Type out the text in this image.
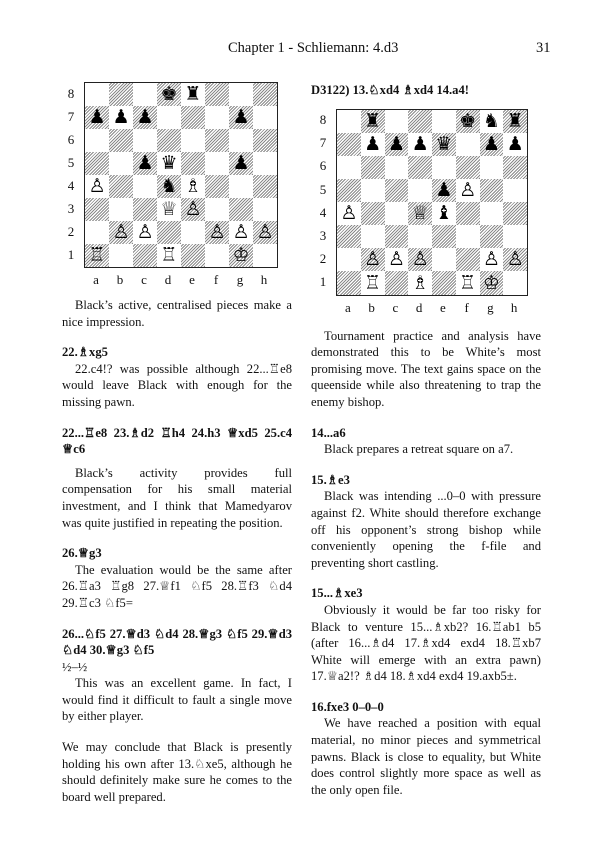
Chapter 1 - Schliemann: 4.d3	31
8
7
6
5
4
3
2
1
♚ ♜
♟ ♟ ♟	♟
♟ ♛	♟
♙	♞ ♗
♕ ♙
♙ ♙	♙ ♙ ♙
♖	♖	♔
a	b	c	d	e	f	g	h

Black’s active, centralised pieces make a nice impression.

22.♗xg5

22.c4!? was possible although 22...♖e8 would leave Black with enough for the missing pawn.

22...♖e8 23.♗d2 ♖h4 24.h3 ♕xd5 25.c4 ♕c6

Black’s activity provides full compensation for his small material investment, and I think that Mamedyarov was quite justified in repeating the position.

26.♕g3

The evaluation would be the same after 26.♖a3 ♖g8 27.♕f1 ♘f5 28.♖f3 ♘d4 29.♖c3 ♘f5=

26...♘f5 27.♕d3 ♘d4 28.♕g3 ♘f5 29.♕d3 ♘d4 30.♕g3 ♘f5

½–½

This was an excellent game. In fact, I would find it difficult to fault a single move by either player.

We may conclude that Black is presently holding his own after 13.♘xe5, although he should definitely make sure he comes to the board well prepared.

D3122) 13.♘xd4 ♗xd4 14.a4!

8
7
6
5
4
3
2
1
♜	♚ ♞ ♜
♟ ♟ ♟ ♛ ♟ ♟
♟ ♙
♙	♕ ♝
♙ ♙ ♙	♙ ♙
♖ ♗ ♖ ♔
a	b	c	d	e	f	g	h

Tournament practice and analysis have demonstrated this to be White’s most promising move. The text gains space on the queenside while also threatening to trap the enemy bishop.

14...a6

Black prepares a retreat square on a7.

15.♗e3

Black was intending ...0–0 with pressure against f2. White should therefore exchange off his opponent’s strong bishop while conveniently opening the f-file and preventing short castling.

15...♗xe3

Obviously it would be far too risky for Black to venture 15...♗xb2? 16.♖ab1 b5 (after 16...♗d4 17.♗xd4 exd4 18.♖xb7 White will emerge with an extra pawn) 17.♕a2!? ♗d4 18.♗xd4 exd4 19.axb5±.

16.fxe3 0–0–0

We have reached a position with equal material, no minor pieces and symmetrical pawns. Black is close to equality, but White does control slightly more space as well as the only open file.
